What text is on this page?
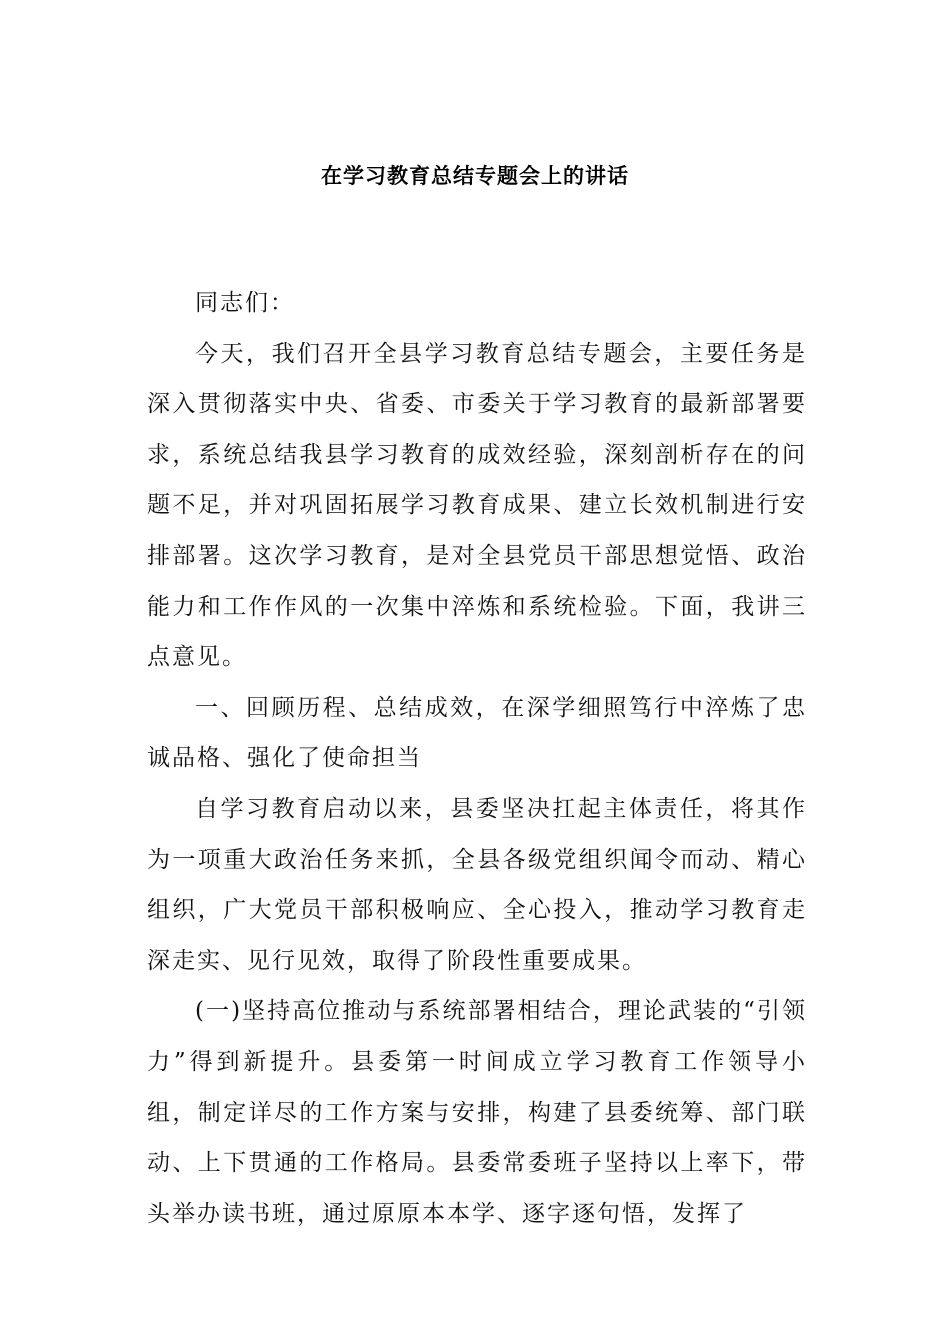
在学习教育总结专题会上的讲话

同志们：

今天，我们召开全县学习教育总结专题会，主要任务是深入贯彻落实中央、省委、市委关于学习教育的最新部署要求，系统总结我县学习教育的成效经验，深刻剖析存在的问题不足，并对巩固拓展学习教育成果、建立长效机制进行安排部署。这次学习教育，是对全县党员干部思想觉悟、政治能力和工作作风的一次集中淬炼和系统检验。下面，我讲三点意见。

一、回顾历程、总结成效，在深学细照笃行中淬炼了忠诚品格、强化了使命担当

自学习教育启动以来，县委坚决扛起主体责任，将其作为一项重大政治任务来抓，全县各级党组织闻令而动、精心组织，广大党员干部积极响应、全心投入，推动学习教育走深走实、见行见效，取得了阶段性重要成果。

(一)坚持高位推动与系统部署相结合，理论武装的“引领力”得到新提升。县委第一时间成立学习教育工作领导小组，制定详尽的工作方案与安排，构建了县委统筹、部门联动、上下贯通的工作格局。县委常委班子坚持以上率下，带头举办读书班，通过原原本本学、逐字逐句悟，发挥了
